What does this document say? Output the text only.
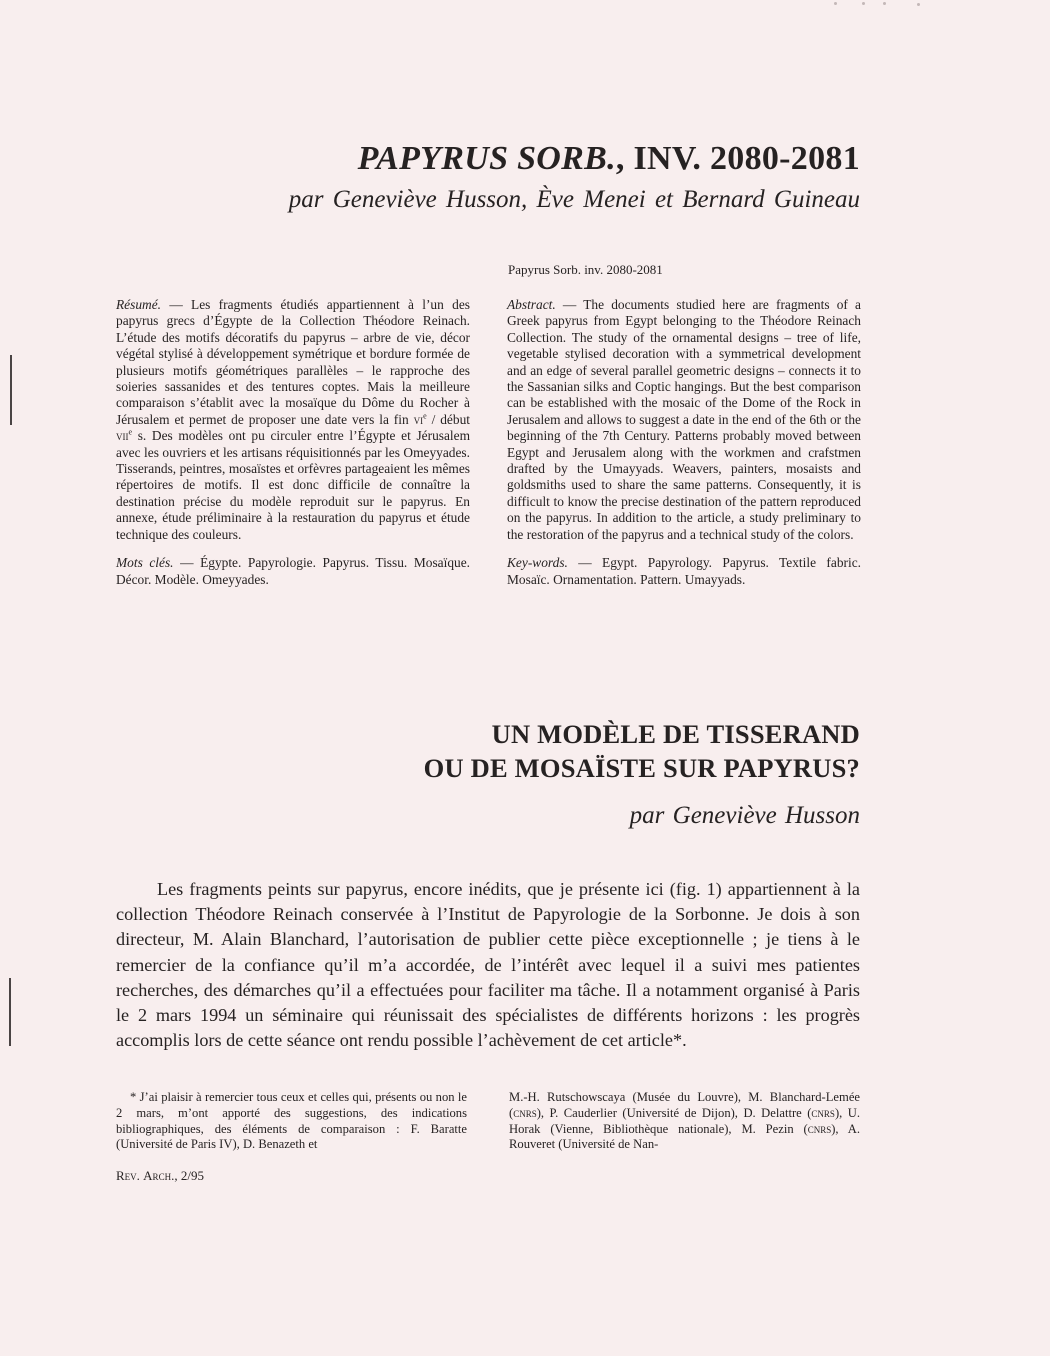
PAPYRUS SORB., INV. 2080-2081
par Geneviève Husson, Ève Menei et Bernard Guineau
Papyrus Sorb. inv. 2080-2081

Résumé. — Les fragments étudiés appartiennent à l’un des papyrus grecs d’Égypte de la Collection Théodore Reinach. L’étude des motifs décoratifs du papyrus – arbre de vie, décor végétal stylisé à développement symétrique et bordure formée de plusieurs motifs géométriques parallèles – le rapproche des soieries sassanides et des tentures coptes. Mais la meilleure comparaison s’établit avec la mosaïque du Dôme du Rocher à Jérusalem et permet de proposer une date vers la fin $vi^e$ / début vii$^e$ s. Des modèles ont pu circuler entre l’Égypte et Jérusalem avec les ouvriers et les artisans réquisitionnés par les Omeyyades. Tisserands, peintres, mosaïstes et orfèvres partageaient les mêmes répertoires de motifs. Il est donc difficile de connaître la destination précise du modèle reproduit sur le papyrus. En annexe, étude préliminaire à la restauration du papyrus et étude technique des couleurs.

Mots clés. — Égypte. Papyrologie. Papyrus. Tissu. Mosaïque. Décor. Modèle. Omeyyades.

Abstract. — The documents studied here are fragments of a Greek papyrus from Egypt belonging to the Théodore Reinach Collection. The study of the ornamental designs – tree of life, vegetable stylised decoration with a symmetrical development and an edge of several parallel geometric designs – connects it to the Sassanian silks and Coptic hangings. But the best comparison can be established with the mosaic of the Dome of the Rock in Jerusalem and allows to suggest a date in the end of the 6th or the beginning of the 7th Century. Patterns probably moved between Egypt and Jerusalem along with the workmen and crafstmen drafted by the Umayyads. Weavers, painters, mosaists and goldsmiths used to share the same patterns. Consequently, it is difficult to know the precise destination of the pattern reproduced on the papyrus. In addition to the article, a study preliminary to the restoration of the papyrus and a technical study of the colors.

Key-words. — Egypt. Papyrology. Papyrus. Textile fabric. Mosaïc. Ornamentation. Pattern. Umayyads.

UN MODÈLE DE TISSERAND
OU DE MOSAÏSTE SUR PAPYRUS?
par Geneviève Husson

Les fragments peints sur papyrus, encore inédits, que je présente ici (fig. 1) appartiennent à la collection Théodore Reinach conservée à l’Institut de Papyrologie de la Sorbonne. Je dois à son directeur, M. Alain Blanchard, l’autorisation de publier cette pièce exceptionnelle ; je tiens à le remercier de la confiance qu’il m’a accordée, de l’intérêt avec lequel il a suivi mes patientes recherches, des démarches qu’il a effectuées pour faciliter ma tâche. Il a notamment organisé à Paris le 2 mars 1994 un séminaire qui réunissait des spécialistes de différents horizons : les progrès accomplis lors de cette séance ont rendu possible l’achèvement de cet article*.

* J’ai plaisir à remercier tous ceux et celles qui, présents ou non le 2 mars, m’ont apporté des suggestions, des indications bibliographiques, des éléments de comparaison : F. Baratte (Université de Paris IV), D. Benazeth et

M.-H. Rutschowscaya (Musée du Louvre), M. Blanchard-Lemée (cnrs), P. Cauderlier (Université de Dijon), D. Delattre (cnrs), U. Horak (Vienne, Bibliothèque nationale), M. Pezin (cnrs), A. Rouveret (Université de Nan-

Rev. Arch., 2/95
